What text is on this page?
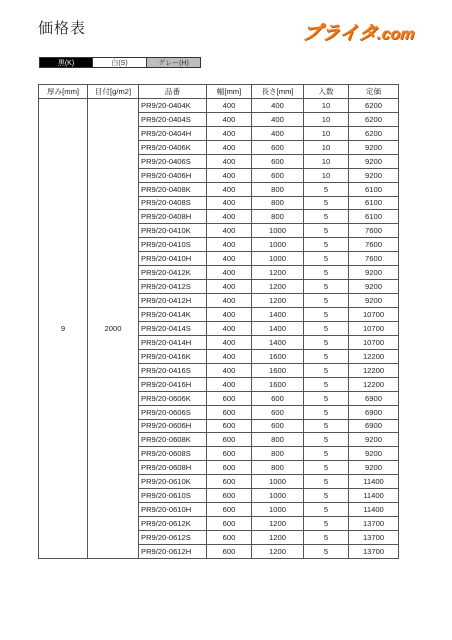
価格表	プライタ.com
黒(K)	白(S)	グレー(H)
厚み[mm]	目付[g/m2]	品番	幅[mm]	長さ[mm]	入数	定価
9	2000	PR9/20-0404K	400	400	10	6200
		PR9/20-0404S	400	400	10	6200
		PR9/20-0404H	400	400	10	6200
		PR9/20-0406K	400	600	10	9200
		PR9/20-0406S	400	600	10	9200
		PR9/20-0406H	400	600	10	9200
		PR9/20-0408K	400	800	5	6100
		PR9/20-0408S	400	800	5	6100
		PR9/20-0408H	400	800	5	6100
		PR9/20-0410K	400	1000	5	7600
		PR9/20-0410S	400	1000	5	7600
		PR9/20-0410H	400	1000	5	7600
		PR9/20-0412K	400	1200	5	9200
		PR9/20-0412S	400	1200	5	9200
		PR9/20-0412H	400	1200	5	9200
		PR9/20-0414K	400	1400	5	10700
		PR9/20-0414S	400	1400	5	10700
		PR9/20-0414H	400	1400	5	10700
		PR9/20-0416K	400	1600	5	12200
		PR9/20-0416S	400	1600	5	12200
		PR9/20-0416H	400	1600	5	12200
		PR9/20-0606K	600	600	5	6900
		PR9/20-0606S	600	600	5	6900
		PR9/20-0606H	600	600	5	6900
		PR9/20-0608K	600	800	5	9200
		PR9/20-0608S	600	800	5	9200
		PR9/20-0608H	600	800	5	9200
		PR9/20-0610K	600	1000	5	11400
		PR9/20-0610S	600	1000	5	11400
		PR9/20-0610H	600	1000	5	11400
		PR9/20-0612K	600	1200	5	13700
		PR9/20-0612S	600	1200	5	13700
		PR9/20-0612H	600	1200	5	13700
